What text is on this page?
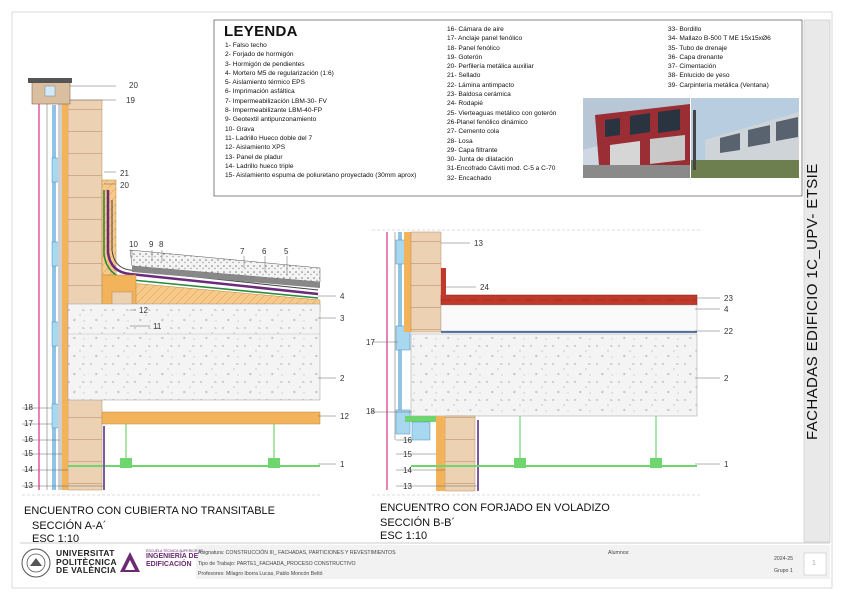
20
19
21
20
10 9 8
7 6 5
4
3
2
12
1
12
11
18
17
16
15
14
13
13
24
23
4
22
2
1
17
18
16
15
14
13
LEYENDA
1- Falso techo
2- Forjado de hormigón
3- Hormigón de pendientes
4- Mortero M5 de regularización (1:6)
5- Aislamiento térmico EPS
6- Imprimación asfáltica
7- Impermeabilización LBM-30- FV
8- Impermeabilizante LBM-40-FP
9- Geotextil antipunzonamiento
10- Grava
11- Ladrillo Hueco doble del 7
12- Aislamiento XPS
13- Panel de pladur
14- Ladrillo hueco triple
15- Aislamiento espuma de poliuretano proyectado (30mm aprox)
16- Cámara de aire
17- Anclaje panel fenólico
18- Panel fenólico
19- Goterón
20- Perfilería metálica auxiliar
21- Sellado
22- Lámina antimpacto
23- Baldosa cerámica
24- Rodapié
25- Vierteaguas metálico con goterón
26-Planel fenólico dinámico
27- Cemento cola
28- Losa
29- Capa filtrante
30- Junta de dilatación
31-Encofrado Cáviti mod. C-5 a C-70
32- Encachado
33- Bordillo
34- Mallazo B-500 T ME 15x15xØ6
35- Tubo de drenaje
36- Capa drenante
37- Cimentación
38- Enlucido de yeso
39- Carpintería metálica (Ventana)
ENCUENTRO CON CUBIERTA NO TRANSITABLE
SECCIÓN A-A´
ESC 1:10
ENCUENTRO CON FORJADO EN VOLADIZO
SECCIÓN B-B´
ESC 1:10
FACHADAS EDIFICIO 1C_UPV- ETSIE
UNIVERSITAT
POLITÈCNICA
DE VALÈNCIA
ESCUELA TÉCNICA SUPERIOR DE
INGENIERÍA DE
EDIFICACIÓN
Asignatura: CONSTRUCCIÓN III_ FACHADAS, PARTICIONES Y REVESTIMIENTOS
Tipo de Trabajo: PARTE1_FACHADA_PROCESO CONSTRUCTIVO
Profesores: Milagro Iborra Lucas, Pablo Moncón Beltó
Alumnos:
2024-25
Grupo 1
1
